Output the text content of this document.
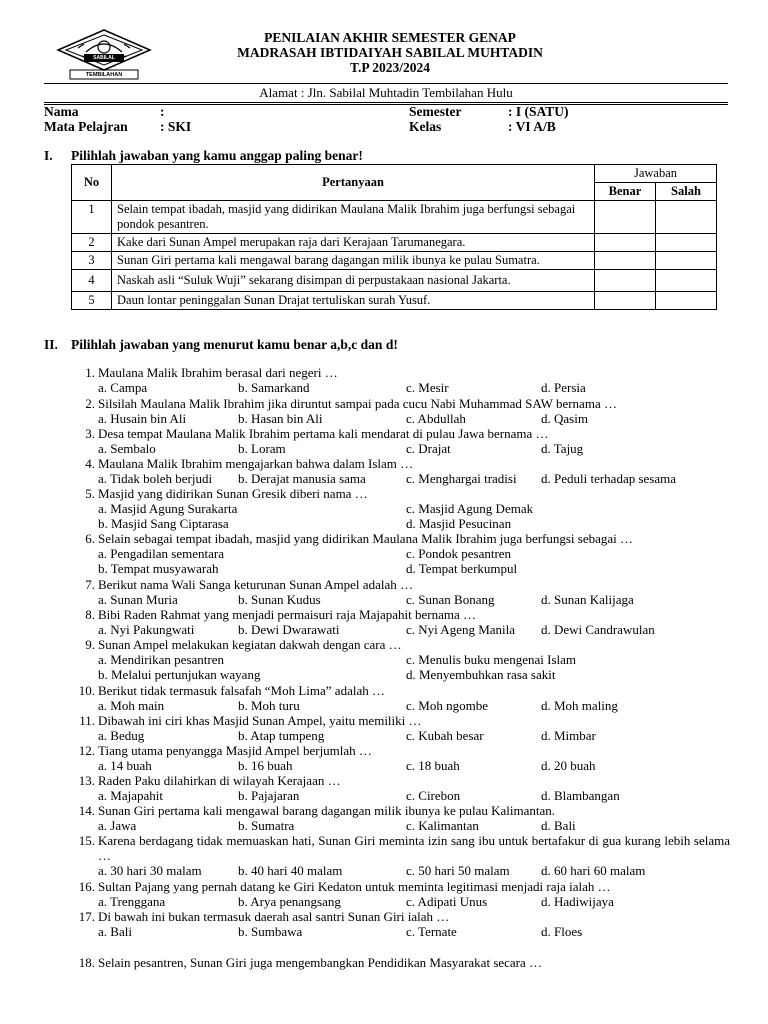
SABILAL
TEMBILAHAN
PENILAIAN AKHIR SEMESTER GENAP
MADRASAH IBTIDAIYAH SABILAL MUHTADIN
T.P 2023/2024
Alamat : Jln. Sabilal Muhtadin Tembilahan Hulu
Nama	:
Mata Pelajran : SKI
Semester	: I (SATU)
Kelas	: VI A/B
I. Pilihlah jawaban yang kamu anggap paling benar!
No	Pertanyaan	Jawaban	
		Benar	Salah
1	Selain tempat ibadah, masjid yang didirikan Maulana Malik Ibrahim juga berfungsi sebagai pondok pesantren.		
2	Kake dari Sunan Ampel merupakan raja dari Kerajaan Tarumanegara.		
3	Sunan Giri pertama kali mengawal barang dagangan milik ibunya ke pulau Sumatra.		
4	Naskah asli “Suluk Wuji” sekarang disimpan di perpustakaan nasional Jakarta.		
5	Daun lontar peninggalan Sunan Drajat tertuliskan surah Yusuf.		
II. Pilihlah jawaban yang menurut kamu benar a,b,c dan d!
1. Maulana Malik Ibrahim berasal dari negeri …
a. Campa	b. Samarkand	c. Mesir	d. Persia
2. Silsilah Maulana Malik Ibrahim jika diruntut sampai pada cucu Nabi Muhammad SAW bernama …
a. Husain bin Ali	b. Hasan bin Ali	c. Abdullah	d. Qasim
3. Desa tempat Maulana Malik Ibrahim pertama kali mendarat di pulau Jawa bernama …
a. Sembalo	b. Loram	c. Drajat	d. Tajug
4. Maulana Malik Ibrahim mengajarkan bahwa dalam Islam …
a. Tidak boleh berjudi b. Derajat manusia sama	c. Menghargai tradisi d. Peduli terhadap sesama
5. Masjid yang didirikan Sunan Gresik diberi nama …
a. Masjid Agung Surakarta
b. Masjid Sang Ciptarasa
c. Masjid Agung Demak
d. Masjid Pesucinan
6. Selain sebagai tempat ibadah, masjid yang didirikan Maulana Malik Ibrahim juga berfungsi sebagai …
a. Pengadilan sementara
b. Tempat musyawarah
c. Pondok pesantren
d. Tempat berkumpul
7. Berikut nama Wali Sanga keturunan Sunan Ampel adalah …
a. Sunan Muria	b. Sunan Kudus	c. Sunan Bonang	d. Sunan Kalijaga
8. Bibi Raden Rahmat yang menjadi permaisuri raja Majapahit bernama …
a. Nyi Pakungwati	b. Dewi Dwarawati	c. Nyi Ageng Manila d. Dewi Candrawulan
9. Sunan Ampel melakukan kegiatan dakwah dengan cara …
a. Mendirikan pesantren
b. Melalui pertunjukan wayang
c. Menulis buku mengenai Islam
d. Menyembuhkan rasa sakit
10. Berikut tidak termasuk falsafah “Moh Lima” adalah …
a. Moh main	b. Moh turu	c. Moh ngombe	d. Moh maling
11. Dibawah ini ciri khas Masjid Sunan Ampel, yaitu memiliki …
a. Bedug	b. Atap tumpeng	c. Kubah besar	d. Mimbar
12. Tiang utama penyangga Masjid Ampel berjumlah …
a. 14 buah	b. 16 buah	c. 18 buah	d. 20 buah
13. Raden Paku dilahirkan di wilayah Kerajaan …
a. Majapahit	b. Pajajaran	c. Cirebon	d. Blambangan
14. Sunan Giri pertama kali mengawal barang dagangan milik ibunya ke pulau Kalimantan.
a. Jawa	b. Sumatra	c. Kalimantan	d. Bali
15. Karena berdagang tidak memuaskan hati, Sunan Giri meminta izin sang ibu untuk bertafakur di gua kurang lebih selama …
a. 30 hari 30 malam	b. 40 hari 40 malam	c. 50 hari 50 malam d. 60 hari 60 malam
16. Sultan Pajang yang pernah datang ke Giri Kedaton untuk meminta legitimasi menjadi raja ialah …
a. Trenggana	b. Arya penangsang	c. Adipati Unus	d. Hadiwijaya
17. Di bawah ini bukan termasuk daerah asal santri Sunan Giri ialah …
a. Bali	b. Sumbawa	c. Ternate	d. Floes
18. Selain pesantren, Sunan Giri juga mengembangkan Pendidikan Masyarakat secara …
